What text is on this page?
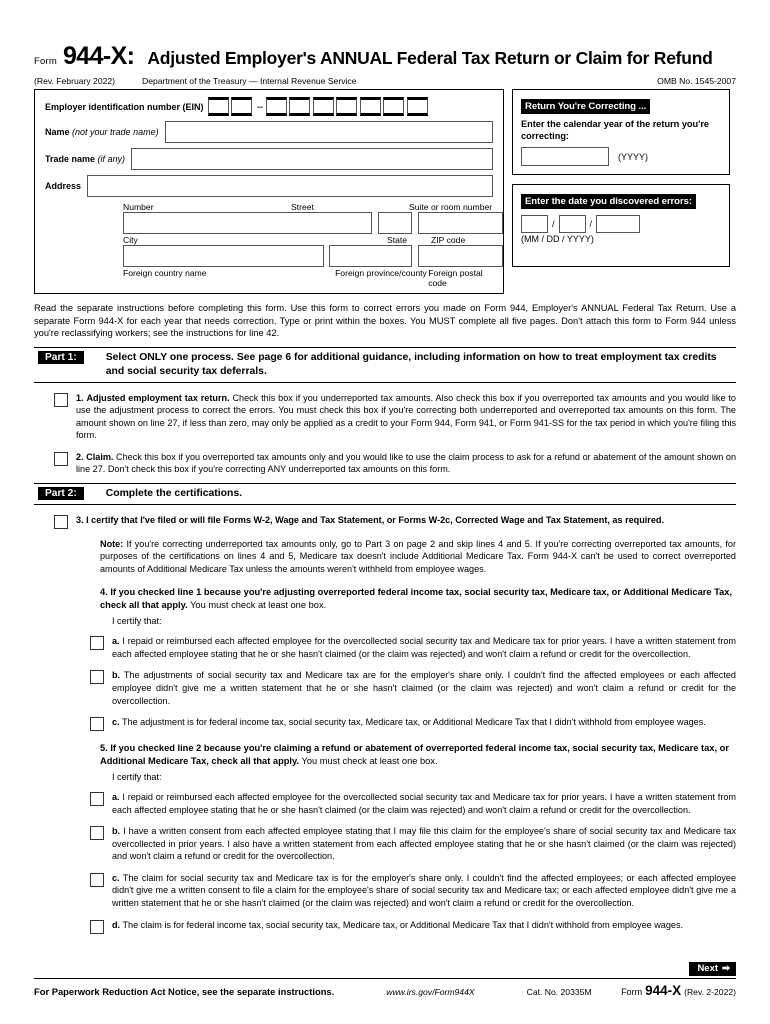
Form 944-X: Adjusted Employer's ANNUAL Federal Tax Return or Claim for Refund
(Rev. February 2022)	Department of the Treasury — Internal Revenue Service	OMB No. 1545-2007
Employer identification number (EIN)	–
Name (not your trade name)
Trade name (if any)
Address
Number	Street	Suite or room number
City	State	ZIP code
Foreign country name	Foreign province/county Foreign postal code
Return You're Correcting ...
Enter the calendar year of the return you're correcting:
(YYYY)
Enter the date you discovered errors:
/	/
(MM / DD / YYYY)
Read the separate instructions before completing this form. Use this form to correct errors you made on Form 944, Employer's ANNUAL Federal Tax Return. Use a separate Form 944-X for each year that needs correction. Type or print within the boxes. You MUST complete all five pages. Don't attach this form to Form 944 unless you're reclassifying workers; see the instructions for line 42.
Part 1:	Select ONLY one process. See page 6 for additional guidance, including information on how to treat employment tax credits and social security tax deferrals.
1. Adjusted employment tax return. Check this box if you underreported tax amounts. Also check this box if you overreported tax amounts and you would like to use the adjustment process to correct the errors. You must check this box if you're correcting both underreported and overreported tax amounts on this form. The amount shown on line 27, if less than zero, may only be applied as a credit to your Form 944, Form 941, or Form 941-SS for the tax period in which you're filing this form.
2. Claim. Check this box if you overreported tax amounts only and you would like to use the claim process to ask for a refund or abatement of the amount shown on line 27. Don't check this box if you're correcting ANY underreported tax amounts on this form.
Part 2:	Complete the certifications.
3. I certify that I've filed or will file Forms W-2, Wage and Tax Statement, or Forms W-2c, Corrected Wage and Tax Statement, as required.
Note: If you're correcting underreported tax amounts only, go to Part 3 on page 2 and skip lines 4 and 5. If you're correcting overreported tax amounts, for purposes of the certifications on lines 4 and 5, Medicare tax doesn't include Additional Medicare Tax. Form 944-X can't be used to correct overreported amounts of Additional Medicare Tax unless the amounts weren't withheld from employee wages.
4. If you checked line 1 because you're adjusting overreported federal income tax, social security tax, Medicare tax, or Additional Medicare Tax, check all that apply. You must check at least one box.
I certify that:
a. I repaid or reimbursed each affected employee for the overcollected social security tax and Medicare tax for prior years. I have a written statement from each affected employee stating that he or she hasn't claimed (or the claim was rejected) and won't claim a refund or credit for the overcollection.
b. The adjustments of social security tax and Medicare tax are for the employer's share only. I couldn't find the affected employees or each affected employee didn't give me a written statement that he or she hasn't claimed (or the claim was rejected) and won't claim a refund or credit for the overcollection.
c. The adjustment is for federal income tax, social security tax, Medicare tax, or Additional Medicare Tax that I didn't withhold from employee wages.
5. If you checked line 2 because you're claiming a refund or abatement of overreported federal income tax, social security tax, Medicare tax, or Additional Medicare Tax, check all that apply. You must check at least one box.
I certify that:
a. I repaid or reimbursed each affected employee for the overcollected social security tax and Medicare tax for prior years. I have a written statement from each affected employee stating that he or she hasn't claimed (or the claim was rejected) and won't claim a refund or credit for the overcollection.
b. I have a written consent from each affected employee stating that I may file this claim for the employee's share of social security tax and Medicare tax overcollected in prior years. I also have a written statement from each affected employee stating that he or she hasn't claimed (or the claim was rejected) and won't claim a refund or credit for the overcollection.
c. The claim for social security tax and Medicare tax is for the employer's share only. I couldn't find the affected employees; or each affected employee didn't give me a written consent to file a claim for the employee's share of social security tax and Medicare tax; or each affected employee didn't give me a written statement that he or she hasn't claimed (or the claim was rejected) and won't claim a refund or credit for the overcollection.
d. The claim is for federal income tax, social security tax, Medicare tax, or Additional Medicare Tax that I didn't withhold from employee wages.
Next ➡
For Paperwork Reduction Act Notice, see the separate instructions.	www.irs.gov/Form944X	Cat. No. 20335M	Form 944-X (Rev. 2-2022)
